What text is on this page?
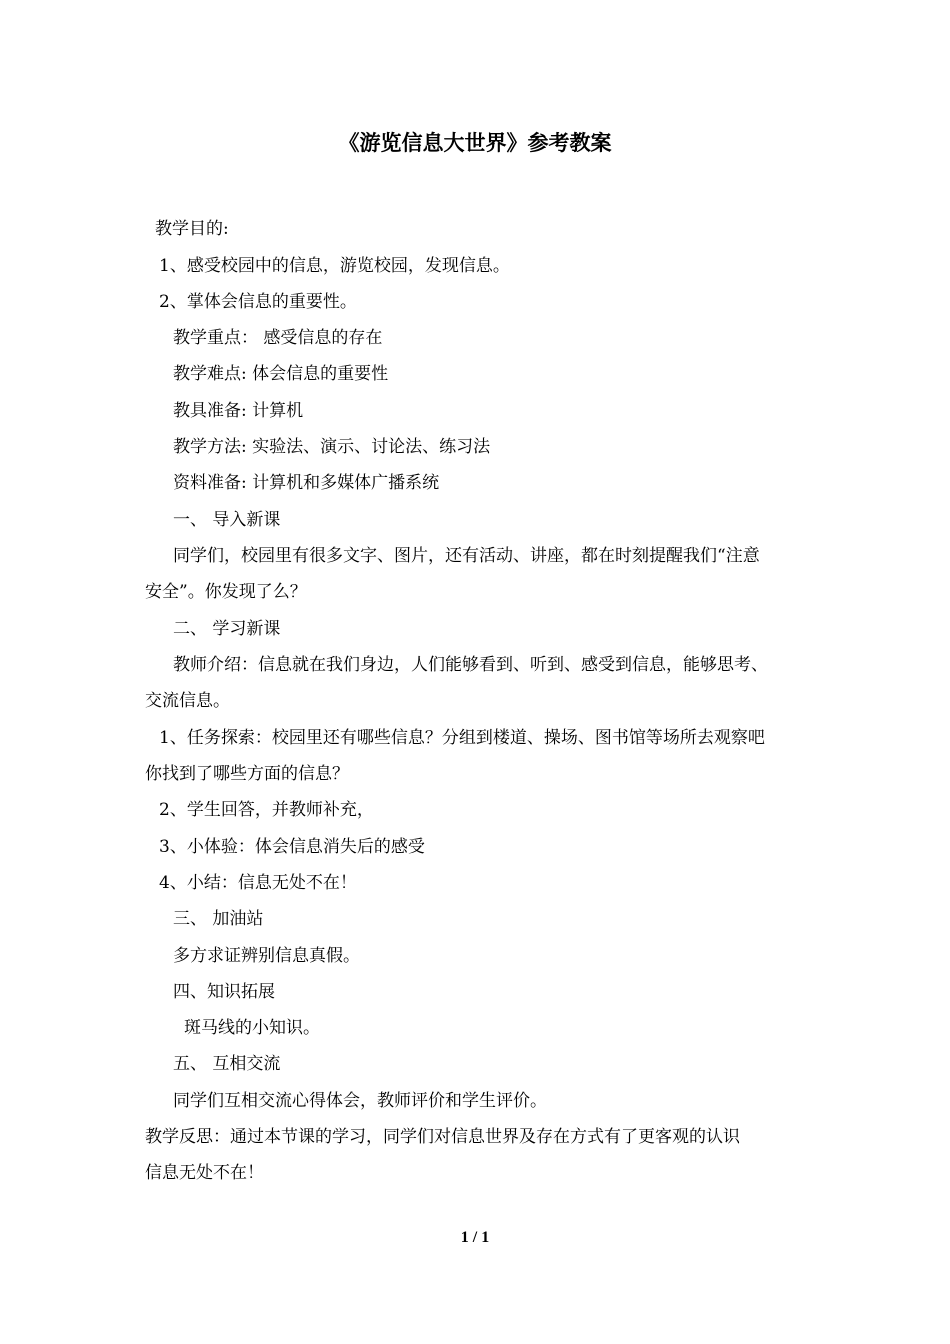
《游览信息大世界》参考教案
教学目的:
1、感受校园中的信息，游览校园，发现信息。
2、掌体会信息的重要性。
教学重点： 感受信息的存在
教学难点: 体会信息的重要性
教具准备: 计算机
教学方法: 实验法、演示、讨论法、练习法
资料准备: 计算机和多媒体广播系统
一、 导入新课
同学们，校园里有很多文字、图片，还有活动、讲座，都在时刻提醒我们“注意
安全”。你发现了么？
二、 学习新课
教师介绍：信息就在我们身边，人们能够看到、听到、感受到信息，能够思考、
交流信息。
1、任务探索：校园里还有哪些信息？分组到楼道、操场、图书馆等场所去观察吧
你找到了哪些方面的信息？
2、学生回答，并教师补充，
3、小体验：体会信息消失后的感受
4、小结：信息无处不在！
三、 加油站
多方求证辨别信息真假。
四、知识拓展
斑马线的小知识。
五、 互相交流
同学们互相交流心得体会，教师评价和学生评价。
教学反思：通过本节课的学习，同学们对信息世界及存在方式有了更客观的认识
信息无处不在！
1 / 1
